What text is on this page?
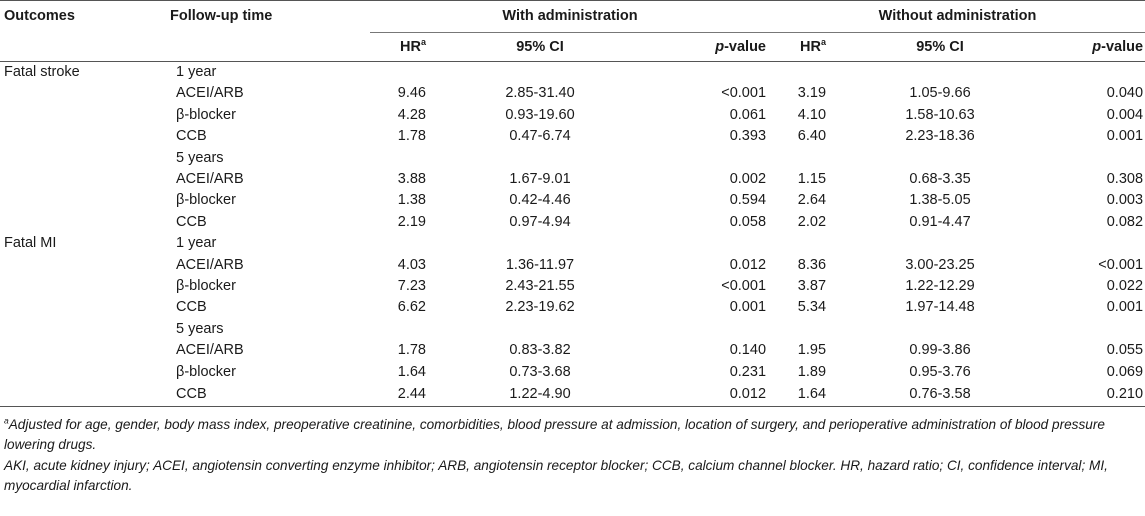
Outcomes	Follow-up time	With administration			Without administration		
		$HR^a$	95% CI	p-value	$HR^a$	95% CI	p-value
Fatal stroke	1 year						
	ACEI/ARB	9.46	2.85-31.40	<0.001	3.19	1.05-9.66	0.040
	β-blocker	4.28	0.93-19.60	0.061	4.10	1.58-10.63	0.004
	CCB	1.78	0.47-6.74	0.393	6.40	2.23-18.36	0.001
	5 years						
	ACEI/ARB	3.88	1.67-9.01	0.002	1.15	0.68-3.35	0.308
	β-blocker	1.38	0.42-4.46	0.594	2.64	1.38-5.05	0.003
	CCB	2.19	0.97-4.94	0.058	2.02	0.91-4.47	0.082
Fatal MI	1 year						
	ACEI/ARB	4.03	1.36-11.97	0.012	8.36	3.00-23.25	<0.001
	β-blocker	7.23	2.43-21.55	<0.001	3.87	1.22-12.29	0.022
	CCB	6.62	2.23-19.62	0.001	5.34	1.97-14.48	0.001
	5 years						
	ACEI/ARB	1.78	0.83-3.82	0.140	1.95	0.99-3.86	0.055
	β-blocker	1.64	0.73-3.68	0.231	1.89	0.95-3.76	0.069
	CCB	2.44	1.22-4.90	0.012	1.64	0.76-3.58	0.210

$^a$Adjusted for age, gender, body mass index, preoperative creatinine, comorbidities, blood pressure at admission, location of surgery, and perioperative administration of blood pressure lowering drugs.

AKI, acute kidney injury; ACEI, angiotensin converting enzyme inhibitor; ARB, angiotensin receptor blocker; CCB, calcium channel blocker. HR, hazard ratio; CI, confidence interval; MI, myocardial infarction.
